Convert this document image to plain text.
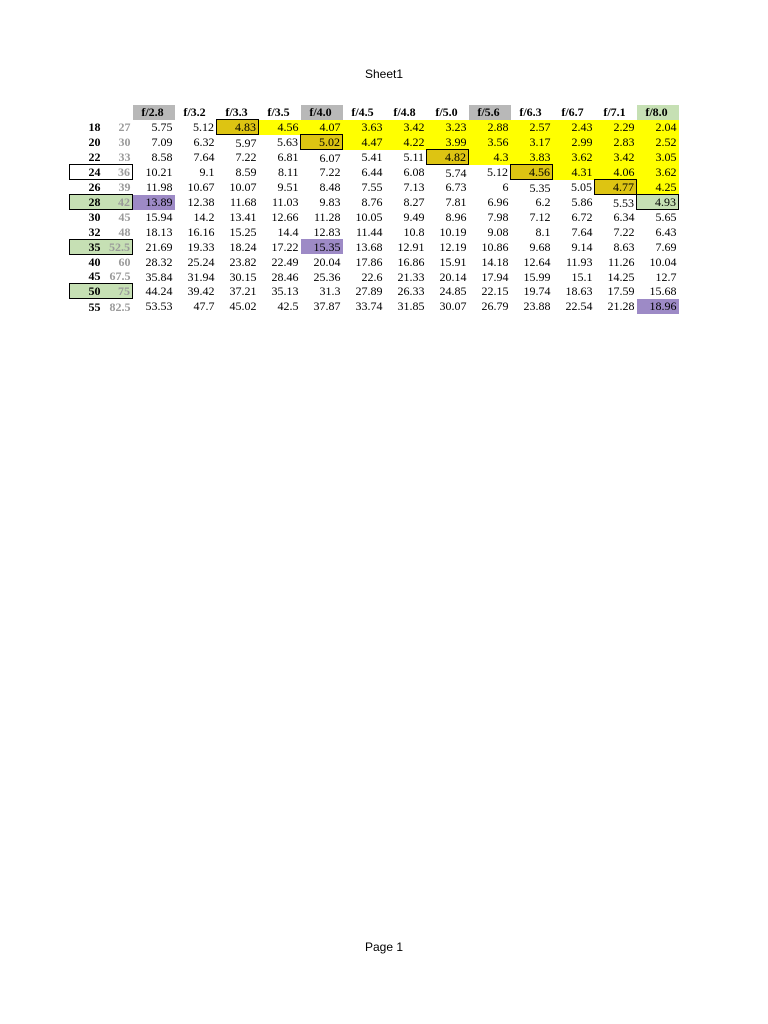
Sheet1
		f/2.8	f/3.2	f/3.3	f/3.5	f/4.0	f/4.5	f/4.8	f/5.0	f/5.6	f/6.3	f/6.7	f/7.1	f/8.0
18	27	5.75	5.12	4.83	4.56	4.07	3.63	3.42	3.23	2.88	2.57	2.43	2.29	2.04
20	30	7.09	6.32	5.97	5.63	5.02	4.47	4.22	3.99	3.56	3.17	2.99	2.83	2.52
22	33	8.58	7.64	7.22	6.81	6.07	5.41	5.11	4.82	4.3	3.83	3.62	3.42	3.05
24	36	10.21	9.1	8.59	8.11	7.22	6.44	6.08	5.74	5.12	4.56	4.31	4.06	3.62
26	39	11.98	10.67	10.07	9.51	8.48	7.55	7.13	6.73	6	5.35	5.05	4.77	4.25
28	42	13.89	12.38	11.68	11.03	9.83	8.76	8.27	7.81	6.96	6.2	5.86	5.53	4.93
30	45	15.94	14.2	13.41	12.66	11.28	10.05	9.49	8.96	7.98	7.12	6.72	6.34	5.65
32	48	18.13	16.16	15.25	14.4	12.83	11.44	10.8	10.19	9.08	8.1	7.64	7.22	6.43
35	52.5	21.69	19.33	18.24	17.22	15.35	13.68	12.91	12.19	10.86	9.68	9.14	8.63	7.69
40	60	28.32	25.24	23.82	22.49	20.04	17.86	16.86	15.91	14.18	12.64	11.93	11.26	10.04
45	67.5	35.84	31.94	30.15	28.46	25.36	22.6	21.33	20.14	17.94	15.99	15.1	14.25	12.7
50	75	44.24	39.42	37.21	35.13	31.3	27.89	26.33	24.85	22.15	19.74	18.63	17.59	15.68
55	82.5	53.53	47.7	45.02	42.5	37.87	33.74	31.85	30.07	26.79	23.88	22.54	21.28	18.96
Page 1
